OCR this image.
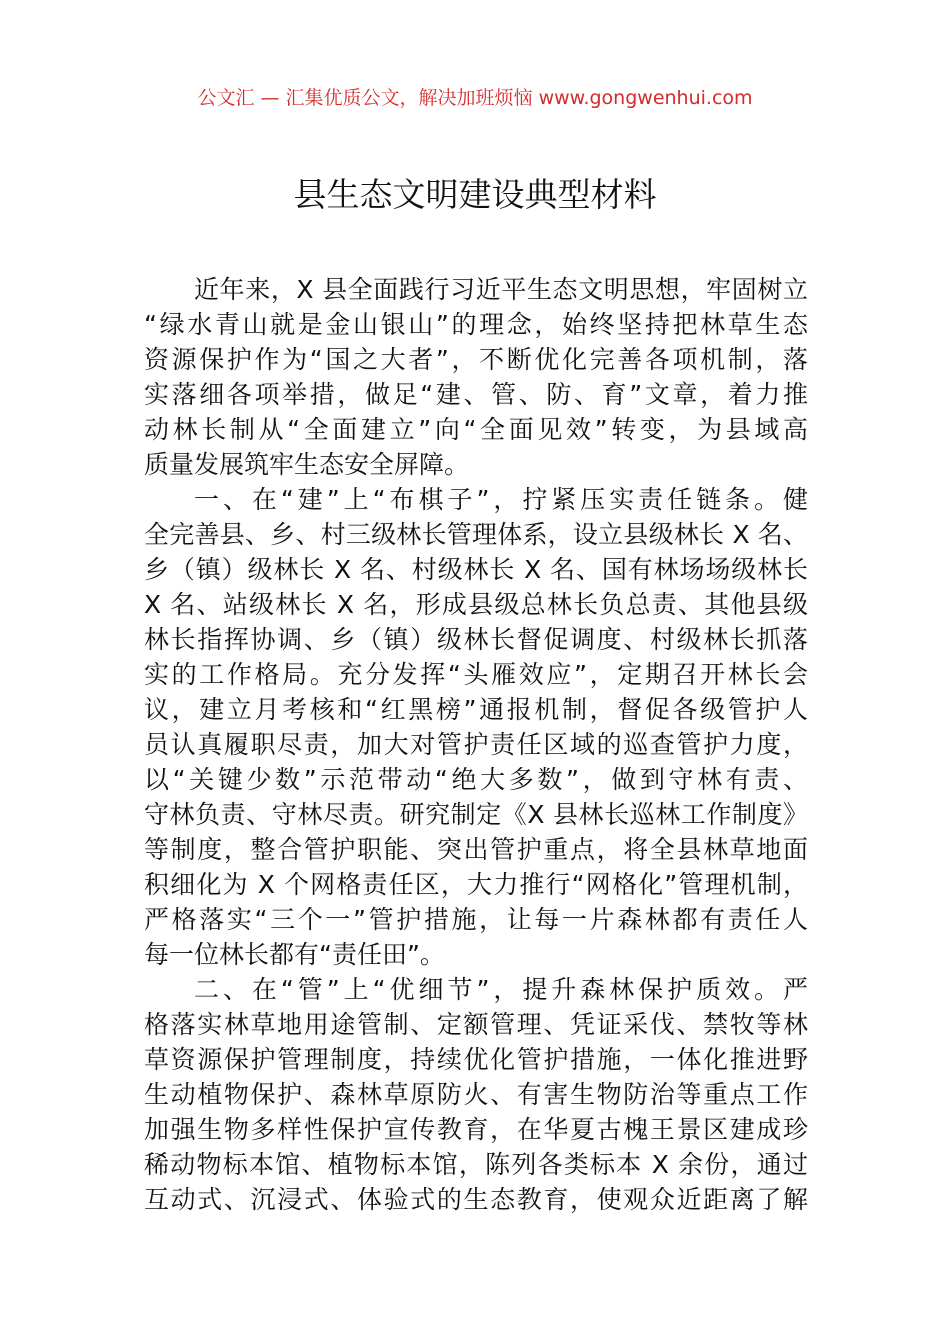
公文汇 — 汇集优质公文，解决加班烦恼 www.gongwenhui.com
县生态文明建设典型材料
近年来，X 县全面践行习近平生态文明思想，牢固树立
“绿水青山就是金山银山”的理念，始终坚持把林草生态
资源保护作为“国之大者”，不断优化完善各项机制，落
实落细各项举措，做足“建、管、防、育”文章，着力推
动林长制从“全面建立”向“全面见效”转变，为县域高
质量发展筑牢生态安全屏障。
一、在“建”上“布棋子”，拧紧压实责任链条。健
全完善县、乡、村三级林长管理体系，设立县级林长 X 名、
乡（镇）级林长 X 名、村级林长 X 名、国有林场场级林长
X 名、站级林长 X 名，形成县级总林长负总责、其他县级
林长指挥协调、乡（镇）级林长督促调度、村级林长抓落
实的工作格局。充分发挥“头雁效应”，定期召开林长会
议，建立月考核和“红黑榜”通报机制，督促各级管护人
员认真履职尽责，加大对管护责任区域的巡查管护力度，
以“关键少数”示范带动“绝大多数”，做到守林有责、
守林负责、守林尽责。研究制定《X 县林长巡林工作制度》
等制度，整合管护职能、突出管护重点，将全县林草地面
积细化为 X 个网格责任区，大力推行“网格化”管理机制，
严格落实“三个一”管护措施，让每一片森林都有责任人
每一位林长都有“责任田”。
二、在“管”上“优细节”，提升森林保护质效。严
格落实林草地用途管制、定额管理、凭证采伐、禁牧等林
草资源保护管理制度，持续优化管护措施，一体化推进野
生动植物保护、森林草原防火、有害生物防治等重点工作
加强生物多样性保护宣传教育，在华夏古槐王景区建成珍
稀动物标本馆、植物标本馆，陈列各类标本 X 余份，通过
互动式、沉浸式、体验式的生态教育，使观众近距离了解
